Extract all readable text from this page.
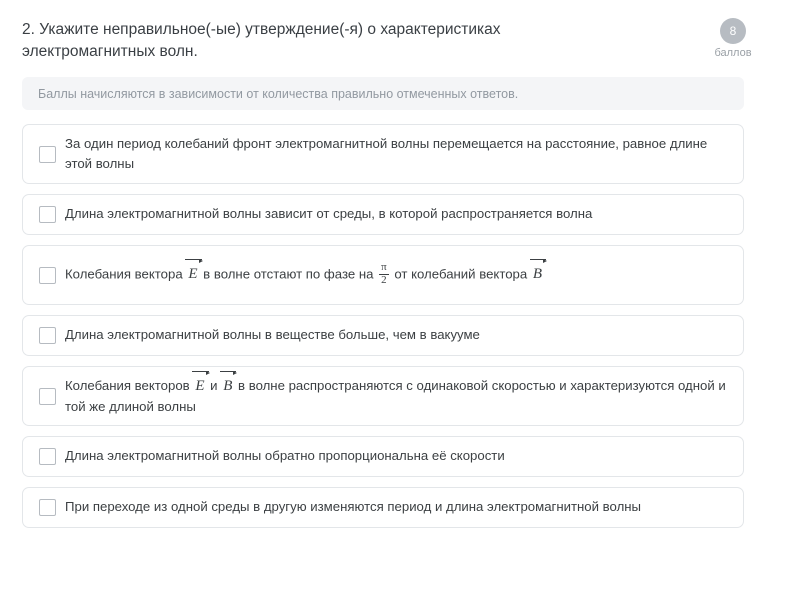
2. Укажите неправильное(-ые) утверждение(-я) о характеристиках электромагнитных волн.
8
баллов
Баллы начисляются в зависимости от количества правильно отмеченных ответов.
За один период колебаний фронт электромагнитной волны перемещается на расстояние, равное длине этой волны
Длина электромагнитной волны зависит от среды, в которой распространяется волна
Колебания вектора E в волне отстают по фазе на $\frac{\pi}{2}$ от колебаний вектора B
Длина электромагнитной волны в веществе больше, чем в вакууме
Колебания векторов E и B в волне распространяются с одинаковой скоростью и характеризуются одной и той же длиной волны
Длина электромагнитной волны обратно пропорциональна её скорости
При переходе из одной среды в другую изменяются период и длина электромагнитной волны
